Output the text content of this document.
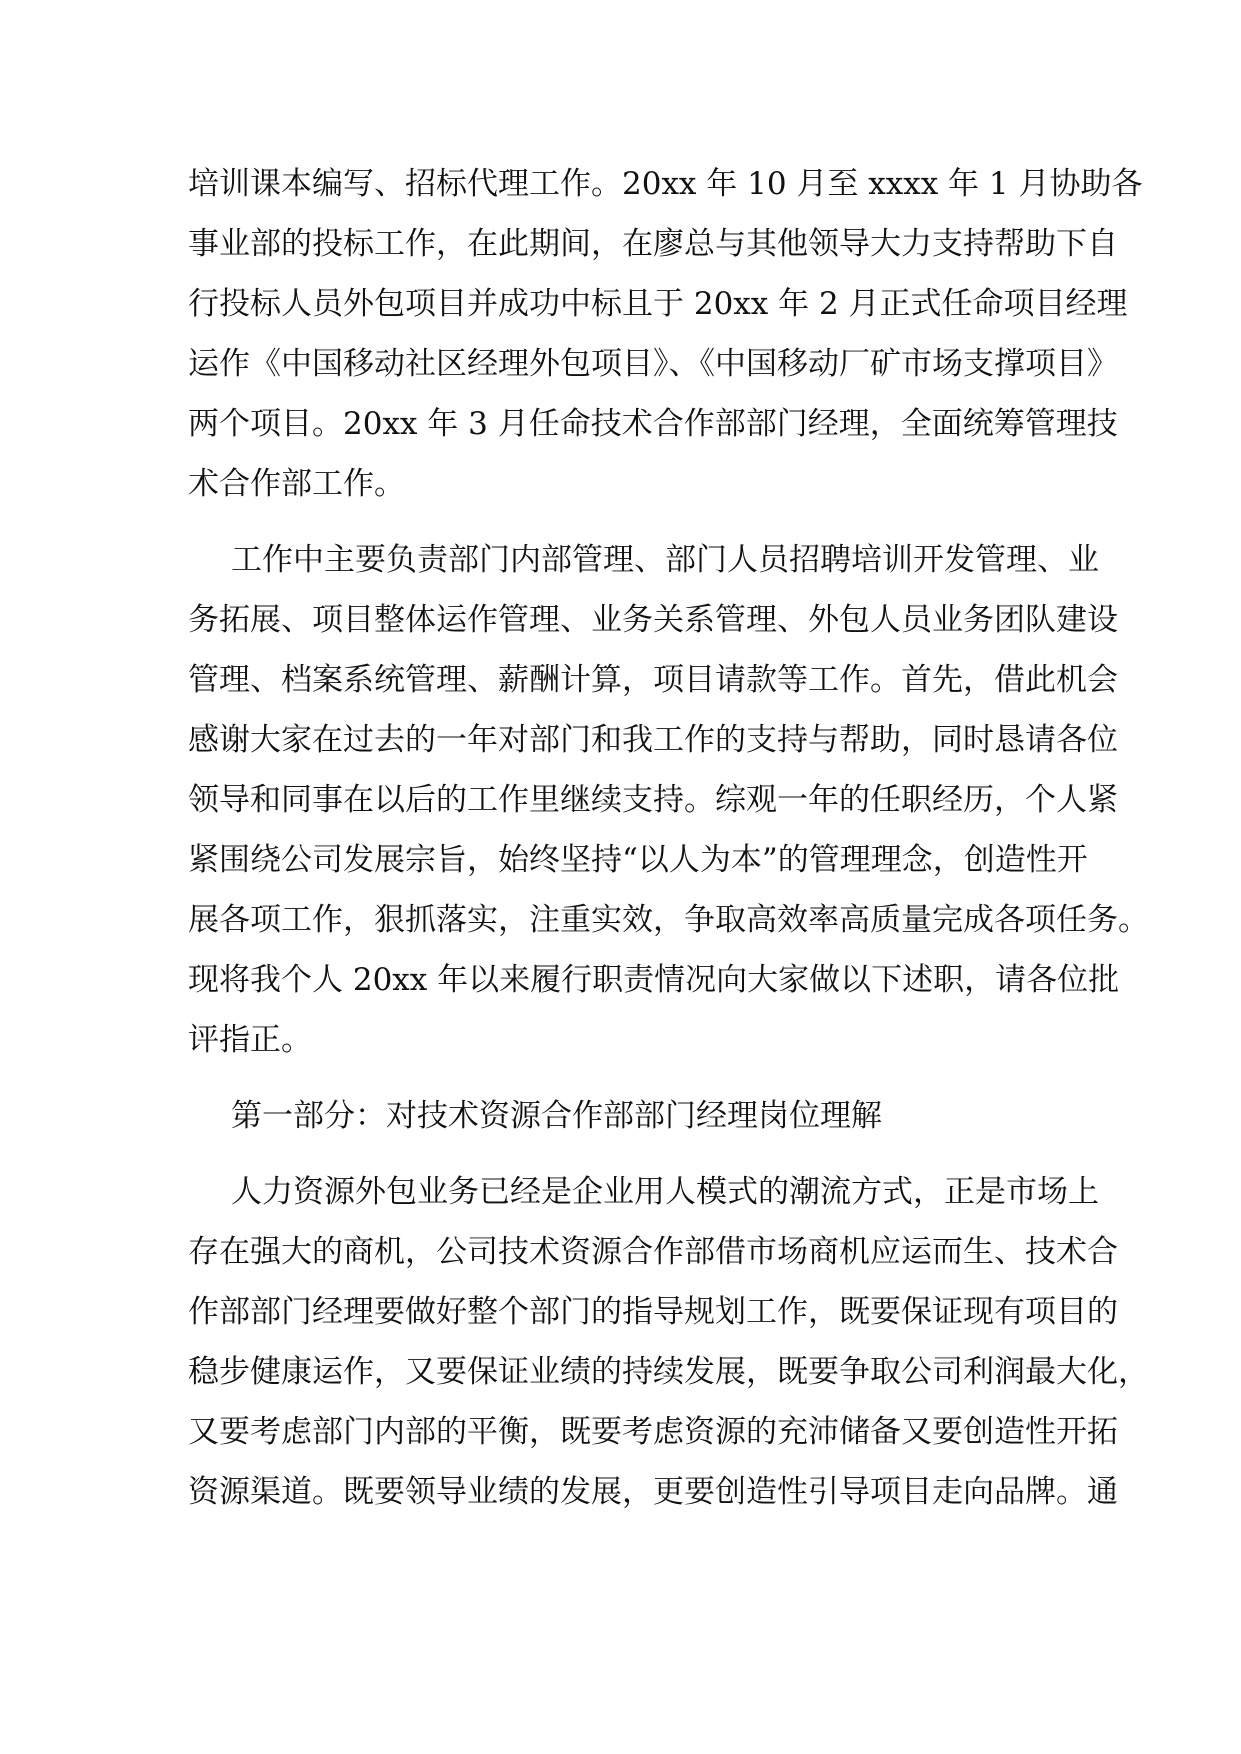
培训课本编写、招标代理工作。20xx 年 10 月至 xxxx 年 1 月协助各
事业部的投标工作，在此期间，在廖总与其他领导大力支持帮助下自
行投标人员外包项目并成功中标且于 20xx 年 2 月正式任命项目经理
运作《中国移动社区经理外包项目》、《中国移动厂矿市场支撑项目》
两个项目。20xx 年 3 月任命技术合作部部门经理，全面统筹管理技
术合作部工作。
工作中主要负责部门内部管理、部门人员招聘培训开发管理、业
务拓展、项目整体运作管理、业务关系管理、外包人员业务团队建设
管理、档案系统管理、薪酬计算，项目请款等工作。首先，借此机会
感谢大家在过去的一年对部门和我工作的支持与帮助，同时恳请各位
领导和同事在以后的工作里继续支持。综观一年的任职经历，个人紧
紧围绕公司发展宗旨，始终坚持“以人为本”的管理理念，创造性开
展各项工作，狠抓落实，注重实效，争取高效率高质量完成各项任务。
现将我个人 20xx 年以来履行职责情况向大家做以下述职，请各位批
评指正。
第一部分：对技术资源合作部部门经理岗位理解
人力资源外包业务已经是企业用人模式的潮流方式，正是市场上
存在强大的商机，公司技术资源合作部借市场商机应运而生、技术合
作部部门经理要做好整个部门的指导规划工作，既要保证现有项目的
稳步健康运作，又要保证业绩的持续发展，既要争取公司利润最大化，
又要考虑部门内部的平衡，既要考虑资源的充沛储备又要创造性开拓
资源渠道。既要领导业绩的发展，更要创造性引导项目走向品牌。通
